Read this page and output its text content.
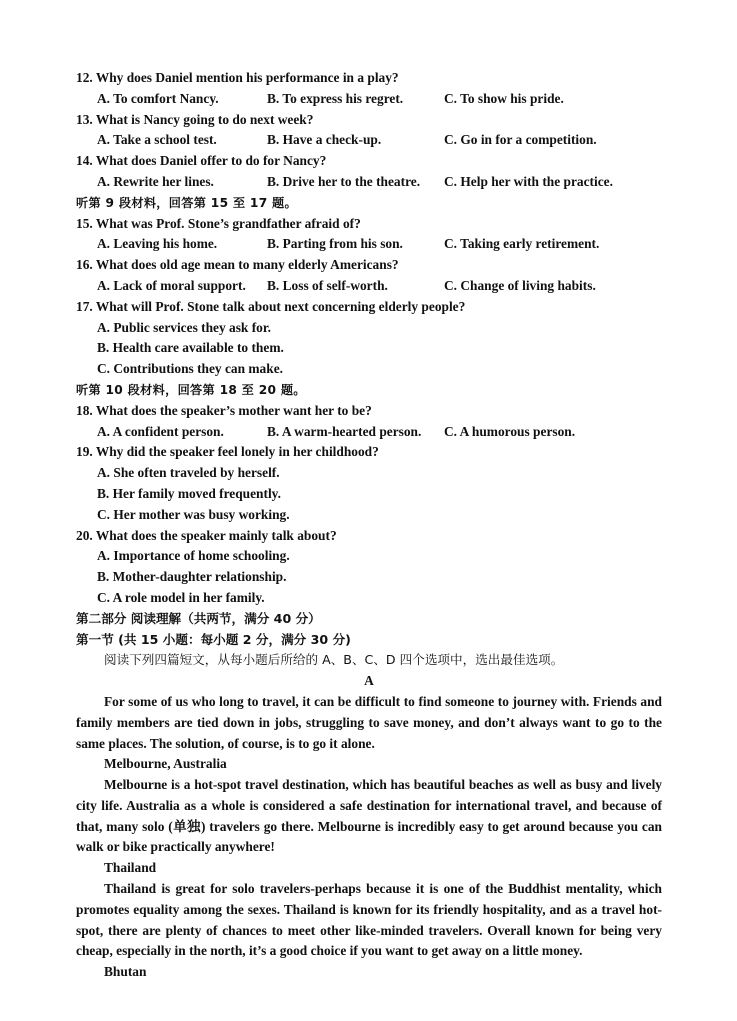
12. Why does Daniel mention his performance in a play?
A. To comfort Nancy.	B. To express his regret.	C. To show his pride.
13. What is Nancy going to do next week?
A. Take a school test.	B. Have a check-up.	C. Go in for a competition.
14. What does Daniel offer to do for Nancy?
A. Rewrite her lines.	B. Drive her to the theatre.	C. Help her with the practice.
听第 9 段材料，回答第 15 至 17 题。
15. What was Prof. Stone’s grandfather afraid of?
A. Leaving his home.	B. Parting from his son.	C. Taking early retirement.
16. What does old age mean to many elderly Americans?
A. Lack of moral support.	B. Loss of self-worth.	C. Change of living habits.
17. What will Prof. Stone talk about next concerning elderly people?
A. Public services they ask for.
B. Health care available to them.
C. Contributions they can make.
听第 10 段材料，回答第 18 至 20 题。
18. What does the speaker’s mother want her to be?
A. A confident person.	B. A warm-hearted person.	C. A humorous person.
19. Why did the speaker feel lonely in her childhood?
A. She often traveled by herself.
B. Her family moved frequently.
C. Her mother was busy working.
20. What does the speaker mainly talk about?
A. Importance of home schooling.
B. Mother-daughter relationship.
C. A role model in her family.
第二部分 阅读理解（共两节，满分 40 分）
第一节 (共 15 小题：每小题 2 分，满分 30 分)
阅读下列四篇短文，从每小题后所给的 A、B、C、D 四个选项中，选出最佳选项。
A

For some of us who long to travel, it can be difficult to find someone to journey with. Friends and family members are tied down in jobs, struggling to save money, and don’t always want to go to the same places. The solution, of course, is to go it alone.

Melbourne, Australia

Melbourne is a hot-spot travel destination, which has beautiful beaches as well as busy and lively city life. Australia as a whole is considered a safe destination for international travel, and because of that, many solo (单独) travelers go there. Melbourne is incredibly easy to get around because you can walk or bike practically anywhere!

Thailand

Thailand is great for solo travelers-perhaps because it is one of the Buddhist mentality, which promotes equality among the sexes. Thailand is known for its friendly hospitality, and as a travel hot-spot, there are plenty of chances to meet other like-minded travelers. Overall known for being very cheap, especially in the north, it’s a good choice if you want to get away on a little money.

Bhutan
